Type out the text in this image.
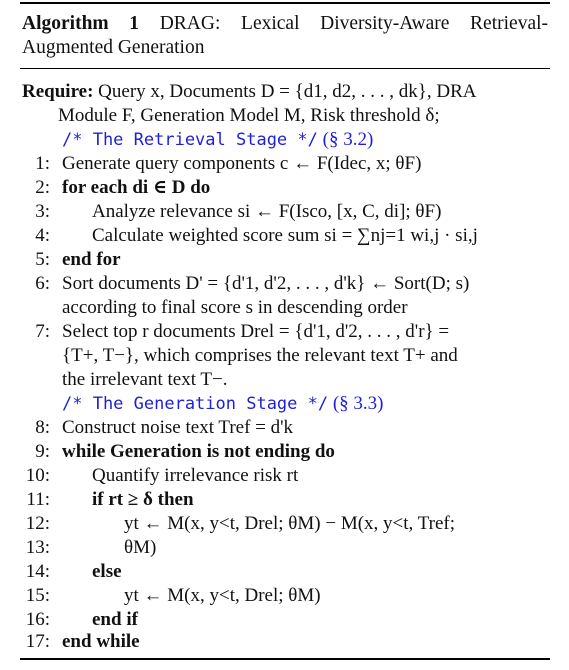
Algorithm 1 DRAG: Lexical Diversity-Aware Retrieval-Augmented Generation
Require: Query x, Documents D = {d1, d2, . . . , dk}, DRA
Module F, Generation Model M, Risk threshold δ;
/* The Retrieval Stage */ (§ 3.2)
1: Generate query components c ← F(Idec, x; θF)
2: for each di ∈ D do
3: Analyze relevance si ← F(Isco, [x, C, di]; θF)
4: Calculate weighted score sum si = ∑nj=1 wi,j · si,j
5: end for
6: Sort documents D' = {d'1, d'2, . . . , d'k} ← Sort(D; s)
according to final score s in descending order
7: Select top r documents Drel = {d'1, d'2, . . . , d'r} =
{T+, T−}, which comprises the relevant text T+ and
the irrelevant text T−.
/* The Generation Stage */ (§ 3.3)
8: Construct noise text Tref = d'k
9: while Generation is not ending do
10: Quantify irrelevance risk rt
11: if rt ≥ δ then
12:	yt ← M(x, y<t, Drel; θM) − M(x, y<t, Tref;
13:	θM)
14: else
15:	yt ← M(x, y<t, Drel; θM)
16: end if
17: end while
